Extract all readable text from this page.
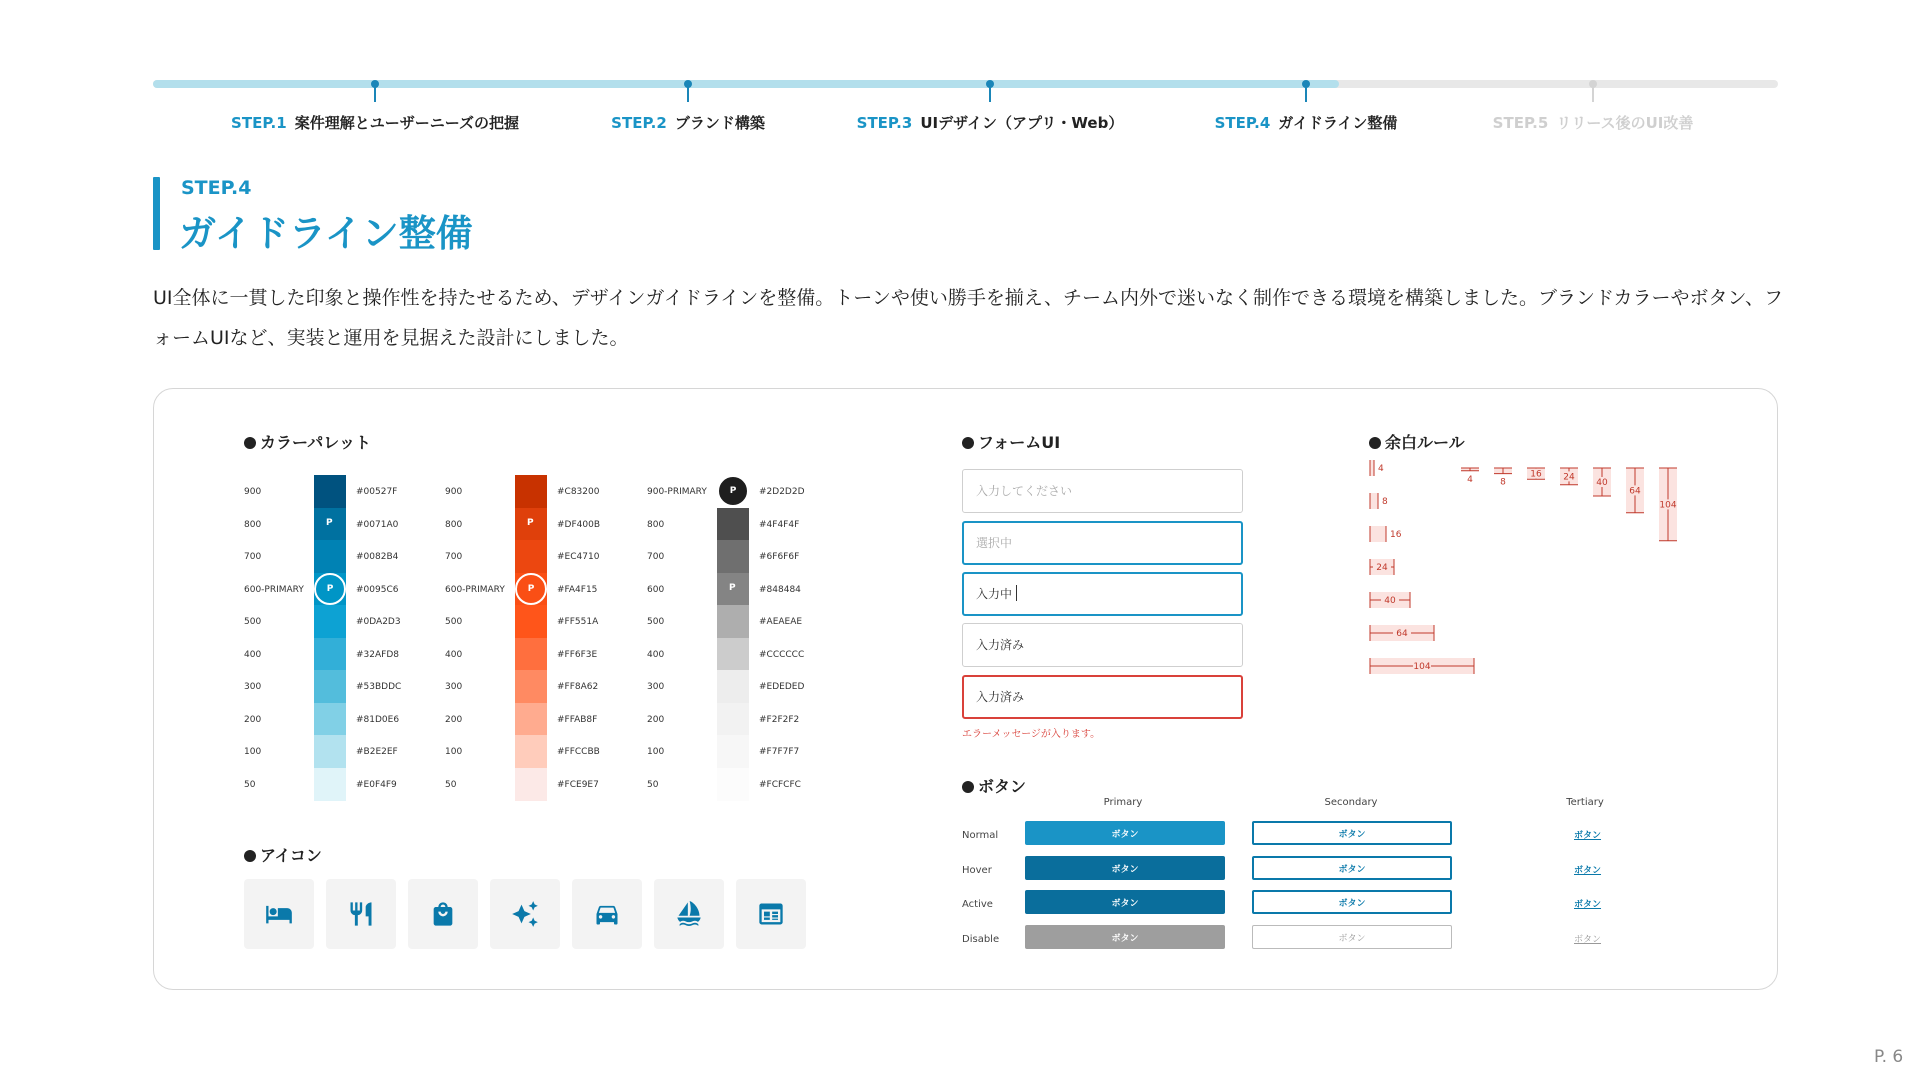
STEP.1 案件理解とユーザーニーズの把握	STEP.2 ブランド構築	STEP.3 UIデザイン（アプリ・Web）	STEP.4 ガイドライン整備	STEP.5 リリース後のUI改善
STEP.4
ガイドライン整備
UI全体に一貫した印象と操作性を持たせるため、デザインガイドラインを整備。トーンや使い勝手を揃え、チーム内外で迷いなく制作できる環境を構築しました。ブランドカラーやボタン、フォームUIなど、実装と運用を見据えた設計にしました。
カラーパレット
900	#00527F
800	P	#0071A0
700	#0082B4
600-PRIMARY	P	#0095C6
500	#0DA2D3
400	#32AFD8
300	#53BDDC
200	#81D0E6
100	#B2E2EF
50	#E0F4F9
900	#C83200
800	P	#DF400B
700	#EC4710
600-PRIMARY	P	#FA4F15
500	#FF551A
400	#FF6F3E
300	#FF8A62
200	#FFAB8F
100	#FFCCBB
50	#FCE9E7
900-PRIMARY	P	#2D2D2D
800	#4F4F4F
700	#6F6F6F
600	P	#848484
500	#AEAEAE
400	#CCCCCC
300	#EDEDED
200	#F2F2F2
100	#F7F7F7
50	#FCFCFC
アイコン
フォームUI
入力してください
選択中
入力中
入力済み
入力済み
エラーメッセージが入ります。
ボタン
Primary	Secondary	Tertiary
Normal	ボタン	ボタン	ボタン
Hover	ボタン	ボタン	ボタン
Active	ボタン	ボタン	ボタン
Disable	ボタン	ボタン	ボタン
余白ルール
4
8
16
24
40
64
104
4	8
16 24
40
64
104
P. 6
